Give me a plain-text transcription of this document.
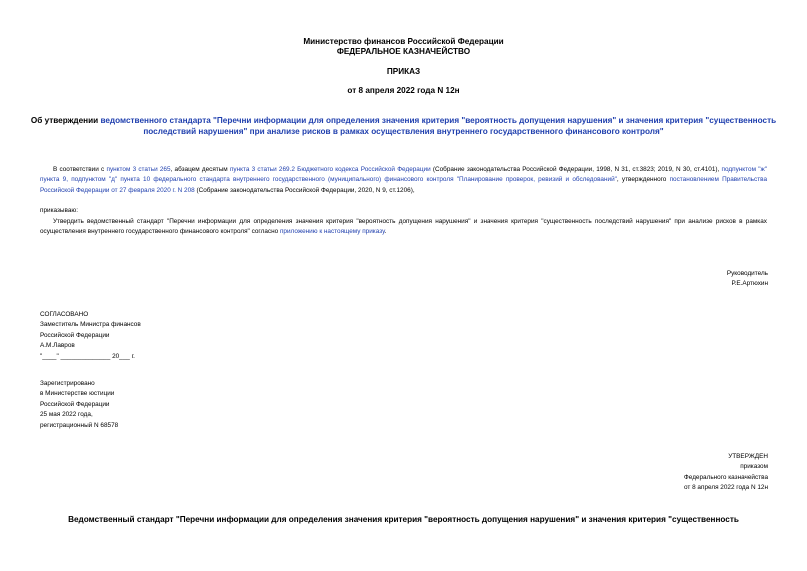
Министерство финансов Российской Федерации
ФЕДЕРАЛЬНОЕ КАЗНАЧЕЙСТВО
ПРИКАЗ
от 8 апреля 2022 года N 12н
Об утверждении ведомственного стандарта "Перечни информации для определения значения критерия "вероятность допущения нарушения" и значения критерия "существенность последствий нарушения" при анализе рисков в рамках осуществления внутреннего государственного финансового контроля"
В соответствии с пунктом 3 статьи 265, абзацем десятым пункта 3 статьи 269.2 Бюджетного кодекса Российской Федерации (Собрание законодательства Российской Федерации, 1998, N 31, ст.3823; 2019, N 30, ст.4101), подпунктом "ж" пункта 9, подпунктом "д" пункта 10 федерального стандарта внутреннего государственного (муниципального) финансового контроля "Планирование проверок, ревизий и обследований", утвержденного постановлением Правительства Российской Федерации от 27 февраля 2020 г. N 208 (Собрание законодательства Российской Федерации, 2020, N 9, ст.1206),
приказываю:
Утвердить ведомственный стандарт "Перечни информации для определения значения критерия "вероятность допущения нарушения" и значения критерия "существенность последствий нарушения" при анализе рисков в рамках осуществления внутреннего государственного финансового контроля" согласно приложению к настоящему приказу.
Руководитель
Р.Е.Артюхин
СОГЛАСОВАНО
Заместитель Министра финансов
Российской Федерации
А.М.Лавров
"____" ______________ 20___ г.
Зарегистрировано
в Министерстве юстиции
Российской Федерации
25 мая 2022 года,
регистрационный N 68578
УТВЕРЖДЕН
приказом
Федерального казначейства
от 8 апреля 2022 года N 12н
Ведомственный стандарт "Перечни информации для определения значения критерия "вероятность допущения нарушения" и значения критерия "существенность
